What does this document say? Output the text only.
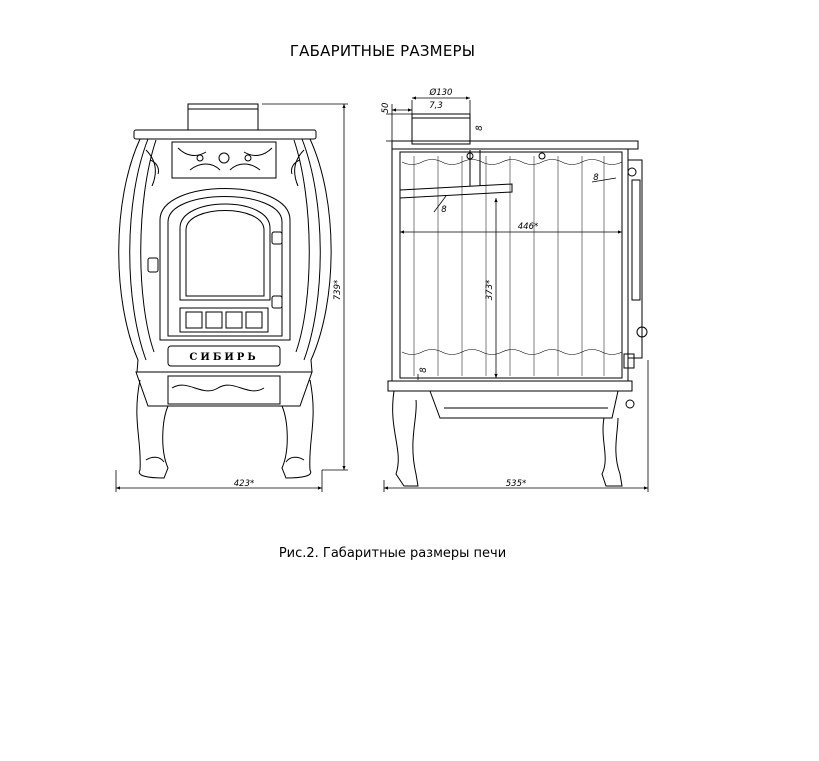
ГАБАРИТНЫЕ РАЗМЕРЫ
СИБИРЬ
423*
739*
Ø130
7,3
50
8
8
8
8
446*
373*
535*
Рис.2. Габаритные размеры печи
